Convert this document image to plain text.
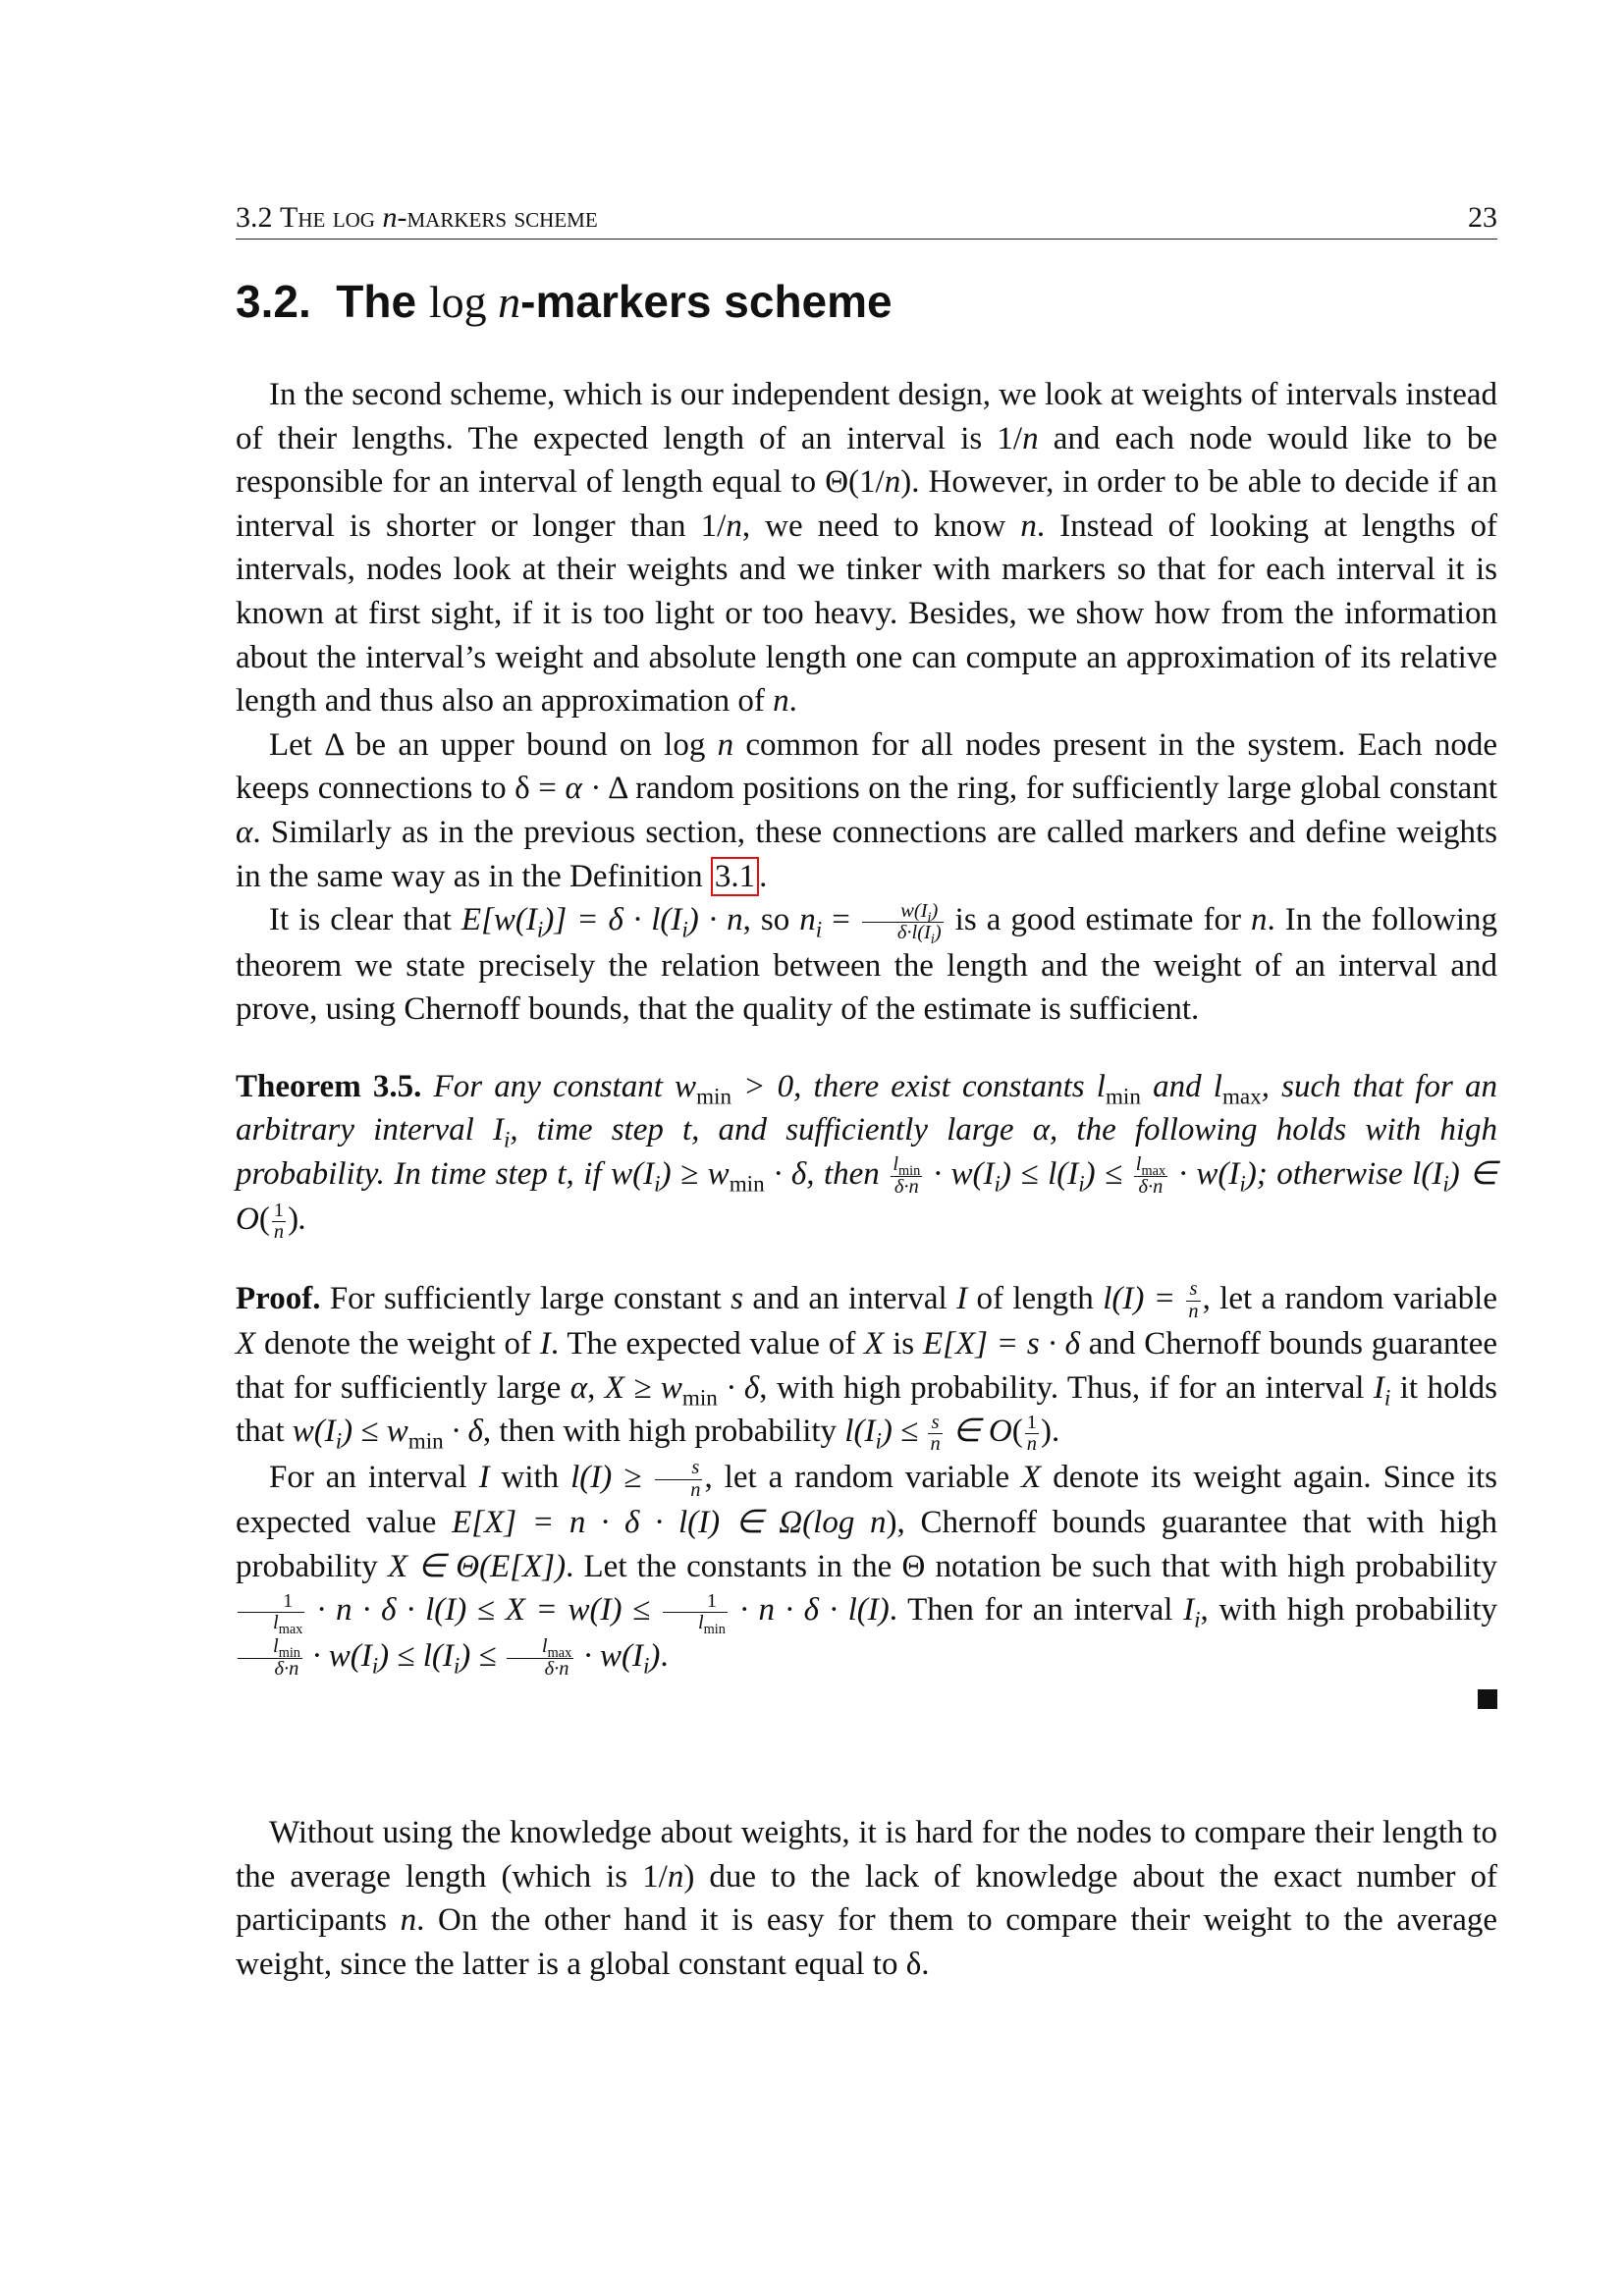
3.2 The log n-markers scheme	23
3.2. The log n-markers scheme

In the second scheme, which is our independent design, we look at weights of intervals instead of their lengths. The expected length of an interval is 1/n and each node would like to be responsible for an interval of length equal to Θ(1/n). However, in order to be able to decide if an interval is shorter or longer than 1/n, we need to know n. Instead of looking at lengths of intervals, nodes look at their weights and we tinker with markers so that for each interval it is known at first sight, if it is too light or too heavy. Besides, we show how from the information about the interval’s weight and absolute length one can compute an approximation of its relative length and thus also an approximation of n.

Let Δ be an upper bound on log n common for all nodes present in the system. Each node keeps connections to δ = α · Δ random positions on the ring, for sufficiently large global constant α. Similarly as in the previous section, these connections are called markers and define weights in the same way as in the Definition 3.1 .

It is clear that $E[w(I_i)] = \delta \cdot l(I_i) \cdot n$, so $n_i = \frac{w(I_i)}{\delta\cdot l(I_i)}$ is a good estimate for n. In the following theorem we state precisely the relation between the length and the weight of an interval and prove, using Chernoff bounds, that the quality of the estimate is sufficient.

Theorem 3.5. For any constant $w_{min} > 0$, there exist constants $l_{min}$ and $l_{max}$, such that for an arbitrary interval $I_i$, time step t, and sufficiently large α, the following holds with high probability. In time step t, if $w(I_i) \ge w_{min} \cdot \delta$, then $\frac{l_{min}}{\delta\cdot n} \cdot w(I_i) \le l(I_i) \le \frac{l_{max}}{\delta\cdot n} \cdot w(I_i)$; otherwise $l(I_i)$ ∈ $O( \frac{1}{n}$ ).

Proof. For sufficiently large constant s and an interval I of length $l(I) = \frac{s}{n}$ , let a random variable X denote the weight of I. The expected value of X is E[X] = s · δ and Chernoff bounds guarantee that for sufficiently large α, $X \ge w_{min} \cdot \delta$, with high probability. Thus, if for an interval $I_i$ it holds that $w(I_i) \le w_{min} \cdot \delta$, then with high probability $l(I_i) \le \frac{s}{n}$ ∈ $O( \frac{1}{n}$ ).

For an interval I with $l(I) \ge \frac{s}{n}$ , let a random variable X denote its weight again. Since its expected value E[X] = n · δ · l(I) ∈ Ω(log n), Chernoff bounds guarantee that with high probability X ∈ Θ(E[X]). Let the constants in the Θ notation be such that with high probability
$\frac{1}{l_{max}} \cdot n \cdot \delta \cdot l(I) \le X = w(I) \le \frac{1}{l_{min}} \cdot n \cdot \delta \cdot l(I)$. Then for an interval $I_i$, with high probability
$\frac{l_{min}}{\delta\cdot n} \cdot w(I_i) \le l(I_i) \le \frac{l_{max}}{\delta\cdot n} \cdot w(I_i)$.

Without using the knowledge about weights, it is hard for the nodes to compare their length to the average length (which is 1/n) due to the lack of knowledge about the exact number of participants n. On the other hand it is easy for them to compare their weight to the average weight, since the latter is a global constant equal to δ.
